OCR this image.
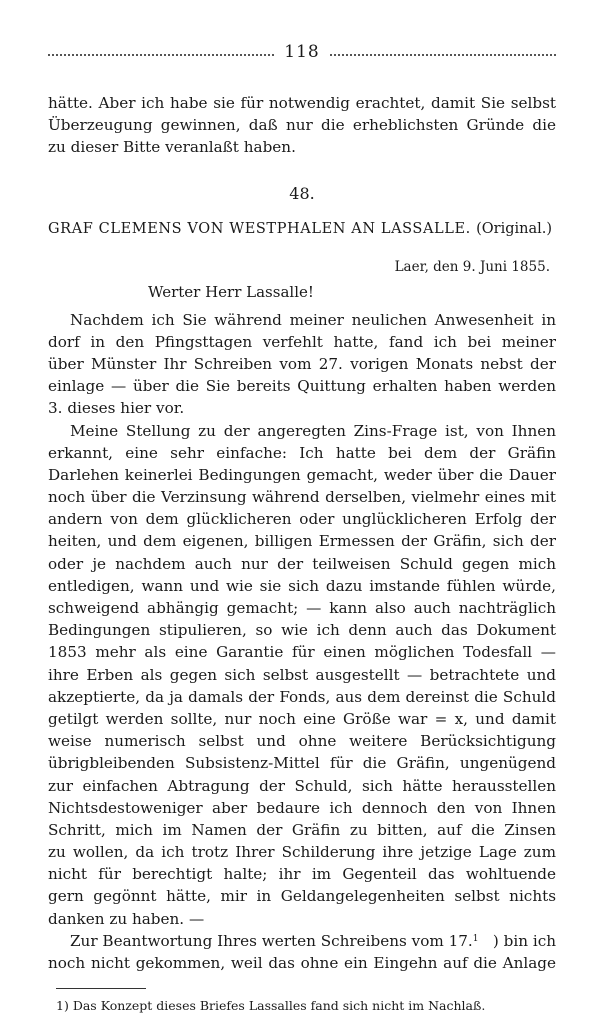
118
hätte. Aber ich habe sie für notwendig erachtet, damit Sie selbst
Überzeugung gewinnen, daß nur die erheblichsten Gründe die
zu dieser Bitte veranlaßt haben.
48.
GRAF CLEMENS VON WESTPHALEN AN LASSALLE. (Original.)
Laer, den 9. Juni 1855.
Werter Herr Lassalle!
Nachdem ich Sie während meiner neulichen Anwesenheit in
dorf in den Pfingsttagen verfehlt hatte, fand ich bei meiner
über Münster Ihr Schreiben vom 27. vorigen Monats nebst der
einlage — über die Sie bereits Quittung erhalten haben werden
3. dieses hier vor.
Meine Stellung zu der angeregten Zins-Frage ist, von Ihnen
erkannt, eine sehr einfache: Ich hatte bei dem der Gräfin
Darlehen keinerlei Bedingungen gemacht, weder über die Dauer
noch über die Verzinsung während derselben, vielmehr eines mit
andern von dem glücklicheren oder unglücklicheren Erfolg der
heiten, und dem eigenen, billigen Ermessen der Gräfin, sich der
oder je nachdem auch nur der teilweisen Schuld gegen mich
entledigen, wann und wie sie sich dazu imstande fühlen würde,
schweigend abhängig gemacht; — kann also auch nachträglich
Bedingungen stipulieren, so wie ich denn auch das Dokument
1853 mehr als eine Garantie für einen möglichen Todesfall —
ihre Erben als gegen sich selbst ausgestellt — betrachtete und
akzeptierte, da ja damals der Fonds, aus dem dereinst die Schuld
getilgt werden sollte, nur noch eine Größe war = x, und damit
weise numerisch selbst und ohne weitere Berücksichtigung
übrigbleibenden Subsistenz-Mittel für die Gräfin, ungenügend
zur einfachen Abtragung der Schuld, sich hätte herausstellen
Nichtsdestoweniger aber bedaure ich dennoch den von Ihnen
Schritt, mich im Namen der Gräfin zu bitten, auf die Zinsen
zu wollen, da ich trotz Ihrer Schilderung ihre jetzige Lage zum
nicht für berechtigt halte; ihr im Gegenteil das wohltuende
gern gegönnt hätte, mir in Geldangelegenheiten selbst nichts
danken zu haben. —
Zur Beantwortung Ihres werten Schreibens vom 17.$^1$ ) bin ich
noch nicht gekommen, weil das ohne ein Eingehn auf die Anlage
1) Das Konzept dieses Briefes Lassalles fand sich nicht im Nachlaß.
